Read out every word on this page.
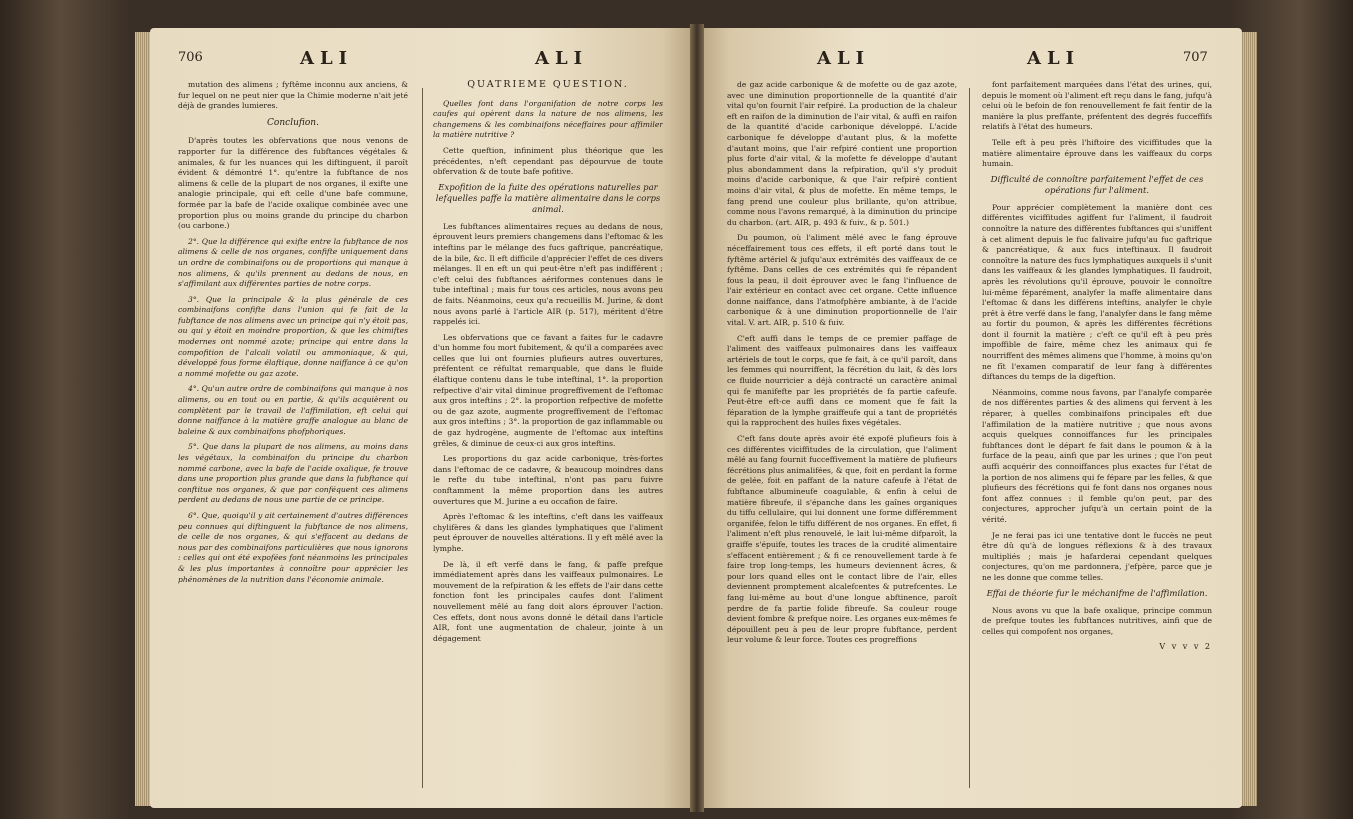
706	ALI	ALI

mutation des alimens ; fyftême inconnu aux anciens, & fur lequel on ne peut nier que la Chimie moderne n'ait jeté déjà de grandes lumieres.

Conclufion.

D'après toutes les obfervations que nous venons de rapporter fur la différence des fubftances végétales & animales, & fur les nuances qui les diftinguent, il paroît évident & démontré 1°. qu'entre la fubftance de nos alimens & celle de la plupart de nos organes, il exifte une analogie principale, qui eft celle d'une bafe commune, formée par la bafe de l'acide oxalique combinée avec une proportion plus ou moins grande du principe du charbon (ou carbone.)

2°. Que la différence qui exifte entre la fubftance de nos alimens & celle de nos organes, confifte uniquement dans un ordre de combinaifons ou de proportions qui manque à nos alimens, & qu'ils prennent au dedans de nous, en s'affimilant aux différentes parties de notre corps.

3°. Que la principale & la plus générale de ces combinaifons confifte dans l'union qui fe fait de la fubftance de nos alimens avec un principe qui n'y étoit pas, ou qui y étoit en moindre proportion, & que les chimiftes modernes ont nommé azote; principe qui entre dans la compofition de l'alcali volatil ou ammoniaque, & qui, développé fous forme élaftique, donne naiffance à ce qu'on a nommé mofette ou gaz azote.

4°. Qu'un autre ordre de combinaifons qui manque à nos alimens, ou en tout ou en partie, & qu'ils acquièrent ou complètent par le travail de l'affimilation, eft celui qui donne naiffance à la matière graffe analogue au blanc de baleine & aux combinaifons phofphoriques.

5°. Que dans la plupart de nos alimens, au moins dans les végétaux, la combinaifon du principe du charbon nommé carbone, avec la bafe de l'acide oxalique, fe trouve dans une proportion plus grande que dans la fubftance qui conftitue nos organes, & que par conféquent ces alimens perdent au dedans de nous une partie de ce principe.

6°. Que, quoiqu'il y ait certainement d'autres différences peu connues qui diftinguent la fubftance de nos alimens, de celle de nos organes, & qui s'effacent au dedans de nous par des combinaifons particulières que nous ignorons : celles qui ont été expofées font néanmoins les principales & les plus importantes à connoître pour apprécier les phénomènes de la nutrition dans l'économie animale.

QUATRIÈME QUESTION.

Quelles font dans l'organifation de notre corps les caufes qui opèrent dans la nature de nos alimens, les changemens & les combinaifons néceffaires pour affimiler la matière nutritive ?

Cette queftion, infiniment plus théorique que les précédentes, n'eft cependant pas dépourvue de toute obfervation & de toute bafe pofitive.

Expofition de la fuite des opérations naturelles par lefquelles paffe la matière alimentaire dans le corps animal.

Les fubftances alimentaires reçues au dedans de nous, éprouvent leurs premiers changemens dans l'eftomac & les inteftins par le mélange des fucs gaftrique, pancréatique, de la bile, &c. Il eft difficile d'apprécier l'effet de ces divers mélanges. Il en eft un qui peut-être n'eft pas indifférent ; c'eft celui des fubftances aériformes contenues dans le tube inteftinal ; mais fur tous ces articles, nous avons peu de faits. Néanmoins, ceux qu'a recueillis M. Jurine, & dont nous avons parlé à l'article AIR (p. 517), méritent d'être rappelés ici.

Les obfervations que ce favant a faites fur le cadavre d'un homme fou mort fubitement, & qu'il a comparées avec celles que lui ont fournies plufieurs autres ouvertures, préfentent ce réfultat remarquable, que dans le fluide élaftique contenu dans le tube inteftinal, 1°. la proportion refpective d'air vital diminue progreffivement de l'eftomac aux gros inteftins ; 2°. la proportion refpective de mofette ou de gaz azote, augmente progreffivement de l'eftomac aux gros inteftins ; 3°. la proportion de gaz inflammable ou de gaz hydrogène, augmente de l'eftomac aux inteftins grêles, & diminue de ceux-ci aux gros inteftins.

Les proportions du gaz acide carbonique, très-fortes dans l'eftomac de ce cadavre, & beaucoup moindres dans le refte du tube inteftinal, n'ont pas paru fuivre conftamment la même proportion dans les autres ouvertures que M. Jurine a eu occafion de faire.

Après l'eftomac & les inteftins, c'eft dans les vaiffeaux chylifères & dans les glandes lymphatiques que l'aliment peut éprouver de nouvelles altérations. Il y eft mêlé avec la lymphe.

De là, il eft verfé dans le fang, & paffe prefque immédiatement après dans les vaiffeaux pulmonaires. Le mouvement de la refpiration & les effets de l'air dans cette fonction font les principales caufes dont l'aliment nouvellement mêlé au fang doit alors éprouver l'action. Ces effets, dont nous avons donné le détail dans l'article AIR, font une augmentation de chaleur, jointe à un dégagement

ALI	ALI	707

de gaz acide carbonique & de mofette ou de gaz azote, avec une diminution proportionnelle de la quantité d'air vital qu'on fournit l'air refpiré. La production de la chaleur eft en raifon de la diminution de l'air vital, & auffi en raifon de la quantité d'acide carbonique développé. L'acide carbonique fe développe d'autant plus, & la mofette d'autant moins, que l'air refpiré contient une proportion plus forte d'air vital, & la mofette fe développe d'autant plus abondamment dans la refpiration, qu'il s'y produit moins d'acide carbonique, & que l'air refpiré contient moins d'air vital, & plus de mofette. En même temps, le fang prend une couleur plus brillante, qu'on attribue, comme nous l'avons remarqué, à la diminution du principe du charbon. (art. AIR, p. 493 & fuiv., & p. 501.)

Du poumon, où l'aliment mêlé avec le fang éprouve néceffairement tous ces effets, il eft porté dans tout le fyftême artériel & jufqu'aux extrémités des vaiffeaux de ce fyftême. Dans celles de ces extrémités qui fe répandent fous la peau, il doit éprouver avec le fang l'influence de l'air extérieur en contact avec cet organe. Cette influence donne naiffance, dans l'atmofphère ambiante, à de l'acide carbonique & à une diminution proportionnelle de l'air vital. V. art. AIR, p. 510 & fuiv.

C'eft auffi dans le temps de ce premier paffage de l'aliment des vaiffeaux pulmonaires dans les vaiffeaux artériels de tout le corps, que fe fait, à ce qu'il paroît, dans les femmes qui nourriffent, la fécrétion du lait, & dès lors ce fluide nourricier a déjà contracté un caractère animal qui fe manifefte par les propriétés de fa partie cafeufe. Peut-être eft-ce auffi dans ce moment que fe fait la féparation de la lymphe graiffeufe qui a tant de propriétés qui la rapprochent des huiles fixes végétales.

C'eft fans doute après avoir été expofé plufieurs fois à ces différentes viciffitudes de la circulation, que l'aliment mêlé au fang fournit fucceffivement la matière de plufieurs fécrétions plus animalifées, & que, foit en perdant la forme de gelée, foit en paffant de la nature cafeufe à l'état de fubftance albumineufe coagulable, & enfin à celui de matière fibreufe, il s'épanche dans les gaînes organiques du tiffu cellulaire, qui lui donnent une forme différemment organifée, felon le tiffu différent de nos organes. En effet, fi l'aliment n'eft plus renouvelé, le lait lui-même difparoît, la graiffe s'épuife, toutes les traces de la crudité alimentaire s'effacent entièrement ; & fi ce renouvellement tarde à fe faire trop long-temps, les humeurs deviennent âcres, & pour lors quand elles ont le contact libre de l'air, elles deviennent promptement alcalefcentes & putrefcentes. Le fang lui-même au bout d'une longue abftinence, paroît perdre de fa partie folide fibreufe. Sa couleur rouge devient fombre & prefque noire. Les organes eux-mêmes fe dépouillent peu à peu de leur propre fubftance, perdent leur volume & leur force. Toutes ces progreffions

font parfaitement marquées dans l'état des urines, qui, depuis le moment où l'aliment eft reçu dans le fang, jufqu'à celui où le befoin de fon renouvellement fe fait fentir de la manière la plus preffante, préfentent des degrés fucceffifs relatifs à l'état des humeurs.

Telle eft à peu près l'hiftoire des viciffitudes que la matière alimentaire éprouve dans les vaiffeaux du corps humain.

Difficulté de connoître parfaitement l'effet de ces opérations fur l'aliment.

Pour apprécier complètement la manière dont ces différentes viciffitudes agiffent fur l'aliment, il faudroit connoître la nature des différentes fubftances qui s'uniffent à cet aliment depuis le fuc falivaire jufqu'au fuc gaftrique & pancréatique, & aux fucs inteftinaux. Il faudroit connoître la nature des fucs lymphatiques auxquels il s'unit dans les vaiffeaux & les glandes lymphatiques. Il faudroit, après les révolutions qu'il éprouve, pouvoir le connoître lui-même féparément, analyfer la maffe alimentaire dans l'eftomac & dans les différens inteftins, analyfer le chyle prêt à être verfé dans le fang, l'analyfer dans le fang même au fortir du poumon, & après les différentes fécrétions dont il fournit la matière ; c'eft ce qu'il eft à peu près impoffible de faire, même chez les animaux qui fe nourriffent des mêmes alimens que l'homme, à moins qu'on ne fît l'examen comparatif de leur fang à différentes diftances du temps de la digeftion.

Néanmoins, comme nous favons, par l'analyfe comparée de nos différentes parties & des alimens qui fervent à les réparer, à quelles combinaifons principales eft due l'affimilation de la matière nutritive ; que nous avons acquis quelques connoiffances fur les principales fubftances dont le départ fe fait dans le poumon & à la furface de la peau, ainfi que par les urines ; que l'on peut auffi acquérir des connoiffances plus exactes fur l'état de la portion de nos alimens qui fe fépare par les felles, & que plufieurs des fécrétions qui fe font dans nos organes nous font affez connues : il femble qu'on peut, par des conjectures, approcher jufqu'à un certain point de la vérité.

Je ne ferai pas ici une tentative dont le fuccès ne peut être dû qu'à de longues réflexions & à des travaux multipliés ; mais je hafarderai cependant quelques conjectures, qu'on me pardonnera, j'efpère, parce que je ne les donne que comme telles.

Effai de théorie fur le méchanifme de l'affimilation.

Nous avons vu que la bafe oxalique, principe commun de prefque toutes les fubftances nutritives, ainfi que de celles qui compofent nos organes,

V v v v 2
